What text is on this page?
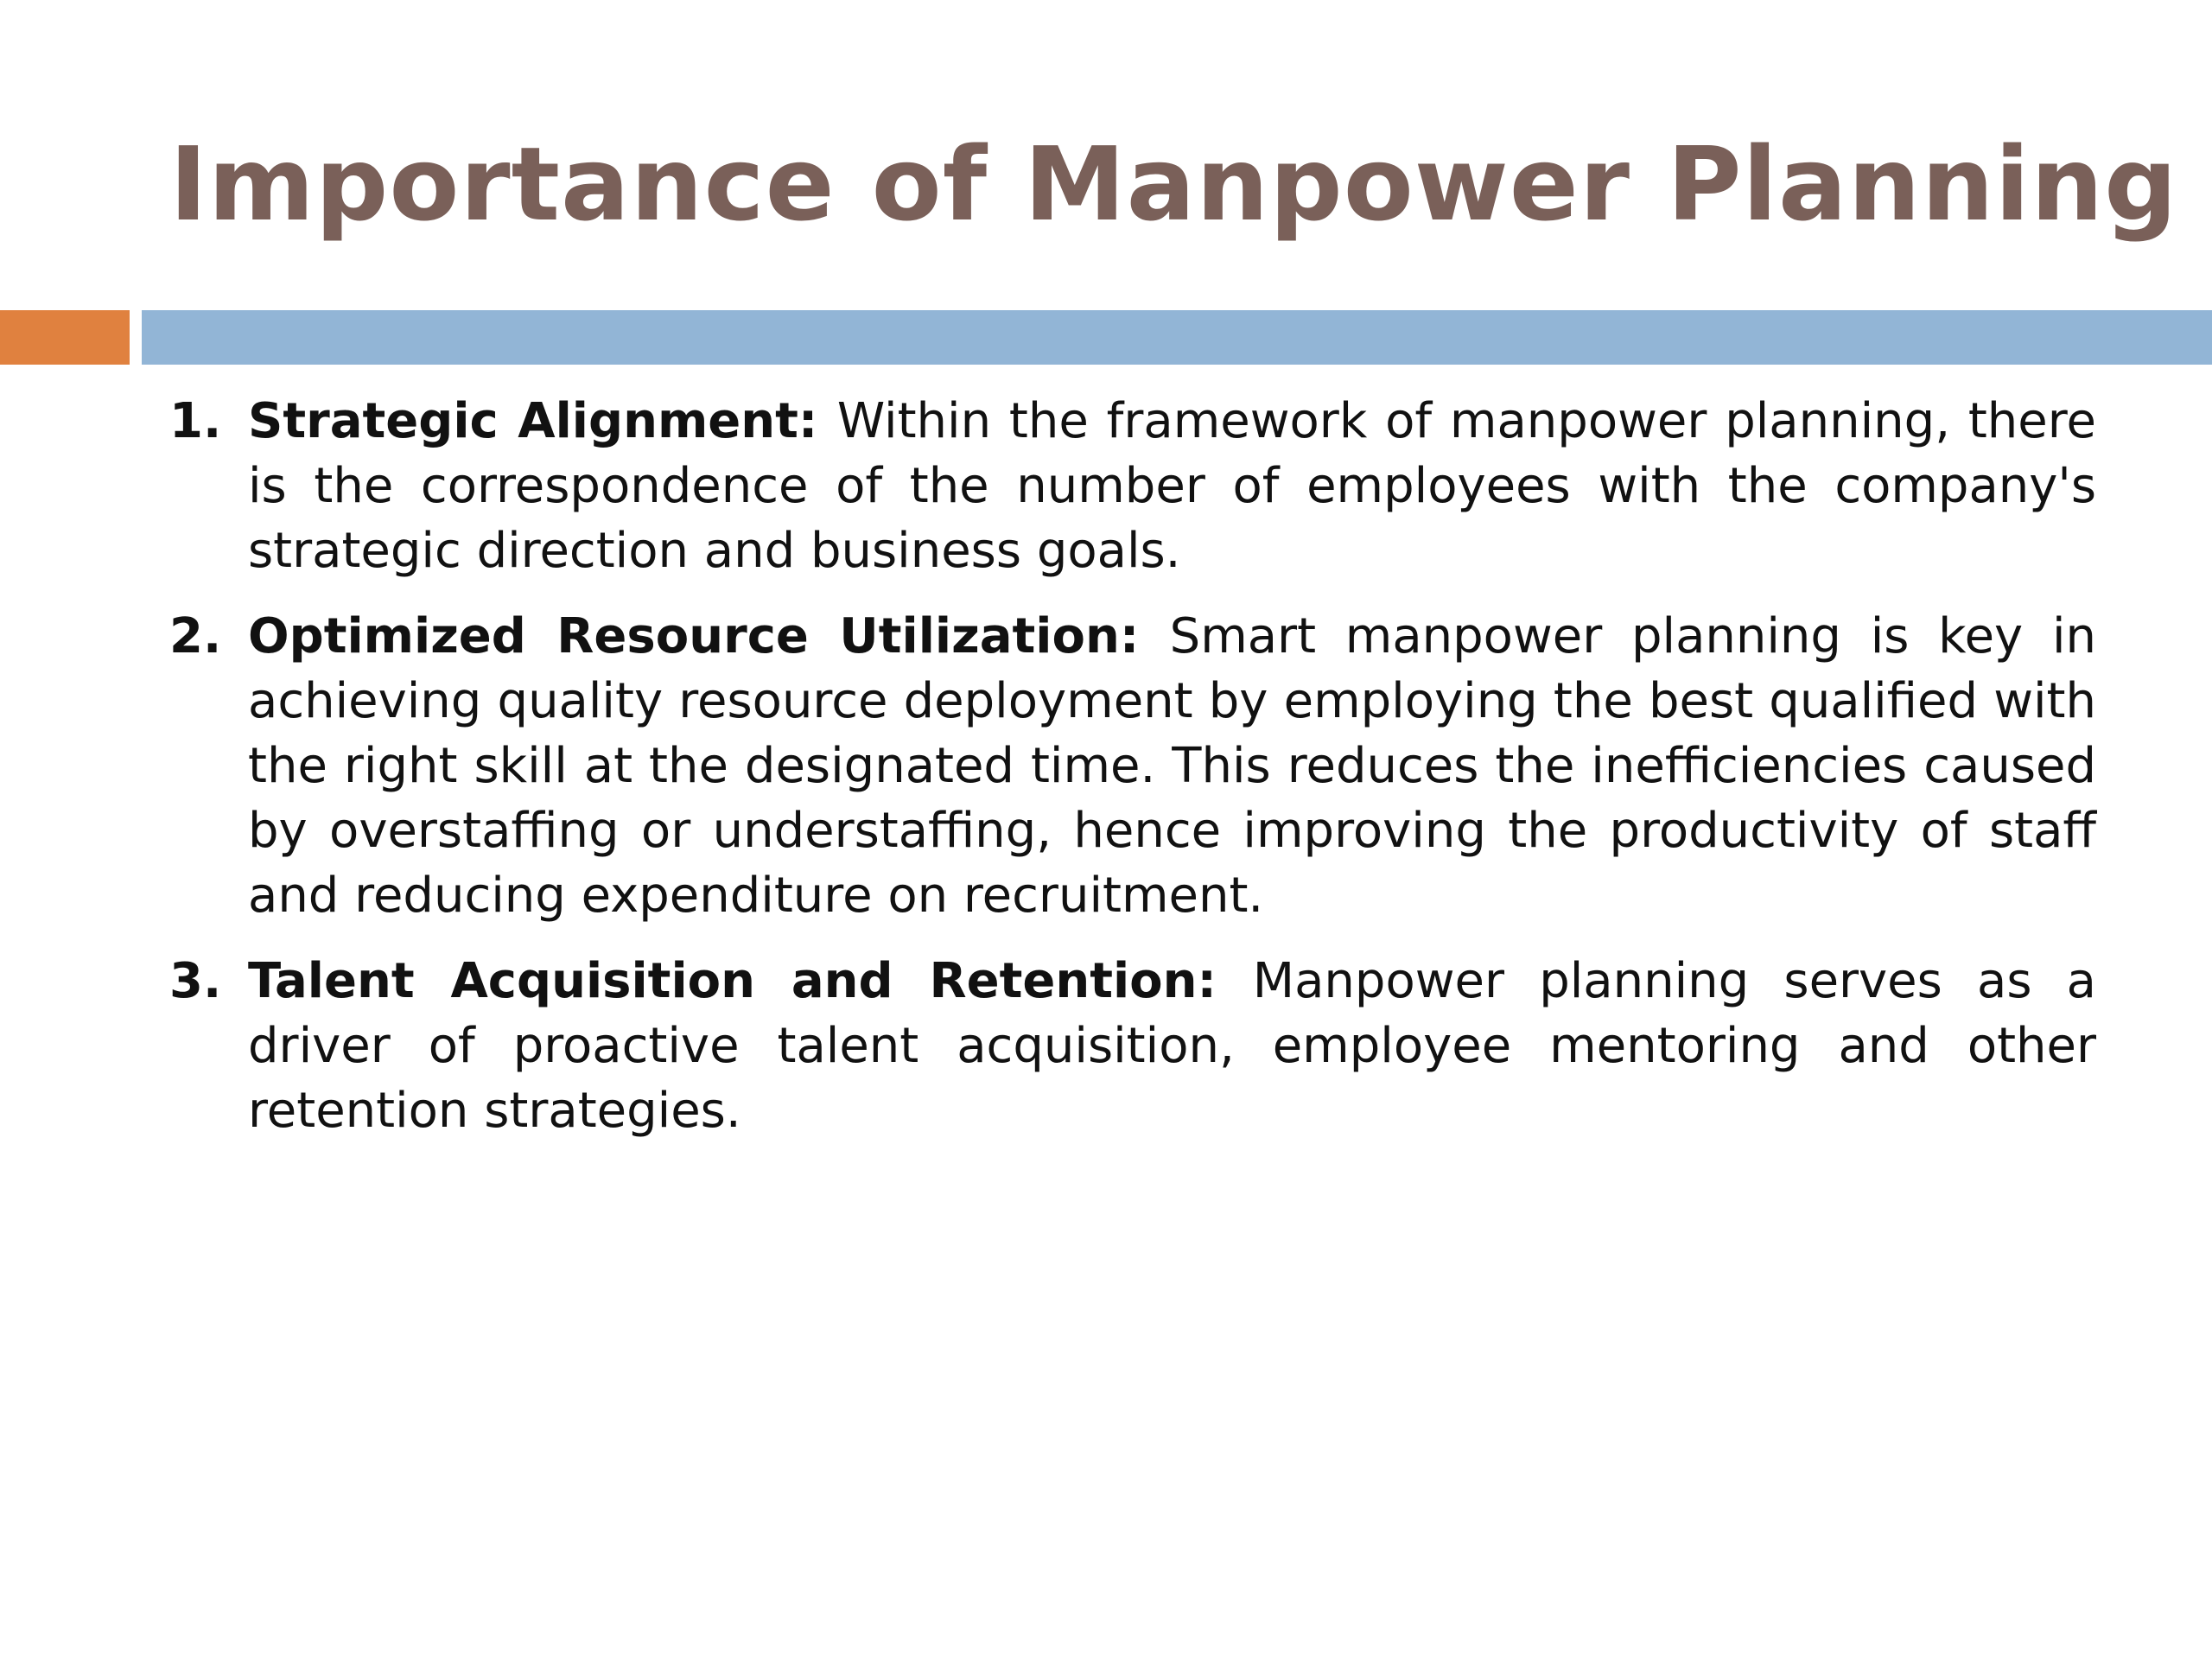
Importance of Manpower Planning
1. Strategic Alignment: Within the framework of manpower planning, there is the correspondence of the number of employees with the company's strategic direction and business goals.
2. Optimized Resource Utilization: Smart manpower planning is key in achieving quality resource deployment by employing the best qualified with the right skill at the designated time. This reduces the inefficiencies caused by overstaffing or understaffing, hence improving the productivity of staff and reducing expenditure on recruitment.
3. Talent Acquisition and Retention: Manpower planning serves as a driver of proactive talent acquisition, employee mentoring and other retention strategies.
